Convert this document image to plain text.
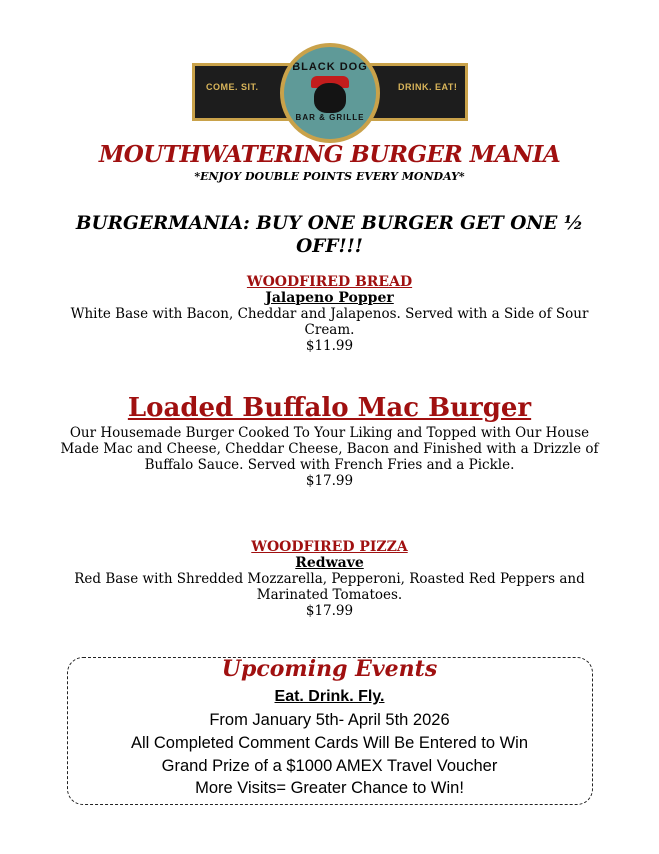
COME. SIT.	DRINK. EAT!
BLACK DOG
BAR & GRILLE
MOUTHWATERING BURGER MANIA
*ENJOY DOUBLE POINTS EVERY MONDAY*
BURGERMANIA: BUY ONE BURGER GET ONE ½
OFF!!!
WOODFIRED BREAD
Jalapeno Popper
White Base with Bacon, Cheddar and Jalapenos. Served with a Side of Sour
Cream.
$11.99
Loaded Buffalo Mac Burger
Our Housemade Burger Cooked To Your Liking and Topped with Our House
Made Mac and Cheese, Cheddar Cheese, Bacon and Finished with a Drizzle of
Buffalo Sauce. Served with French Fries and a Pickle.
$17.99
WOODFIRED PIZZA
Redwave
Red Base with Shredded Mozzarella, Pepperoni, Roasted Red Peppers and
Marinated Tomatoes.
$17.99
Upcoming Events
Eat. Drink. Fly.
From January 5th- April 5th 2026
All Completed Comment Cards Will Be Entered to Win
Grand Prize of a $1000 AMEX Travel Voucher
More Visits= Greater Chance to Win!
